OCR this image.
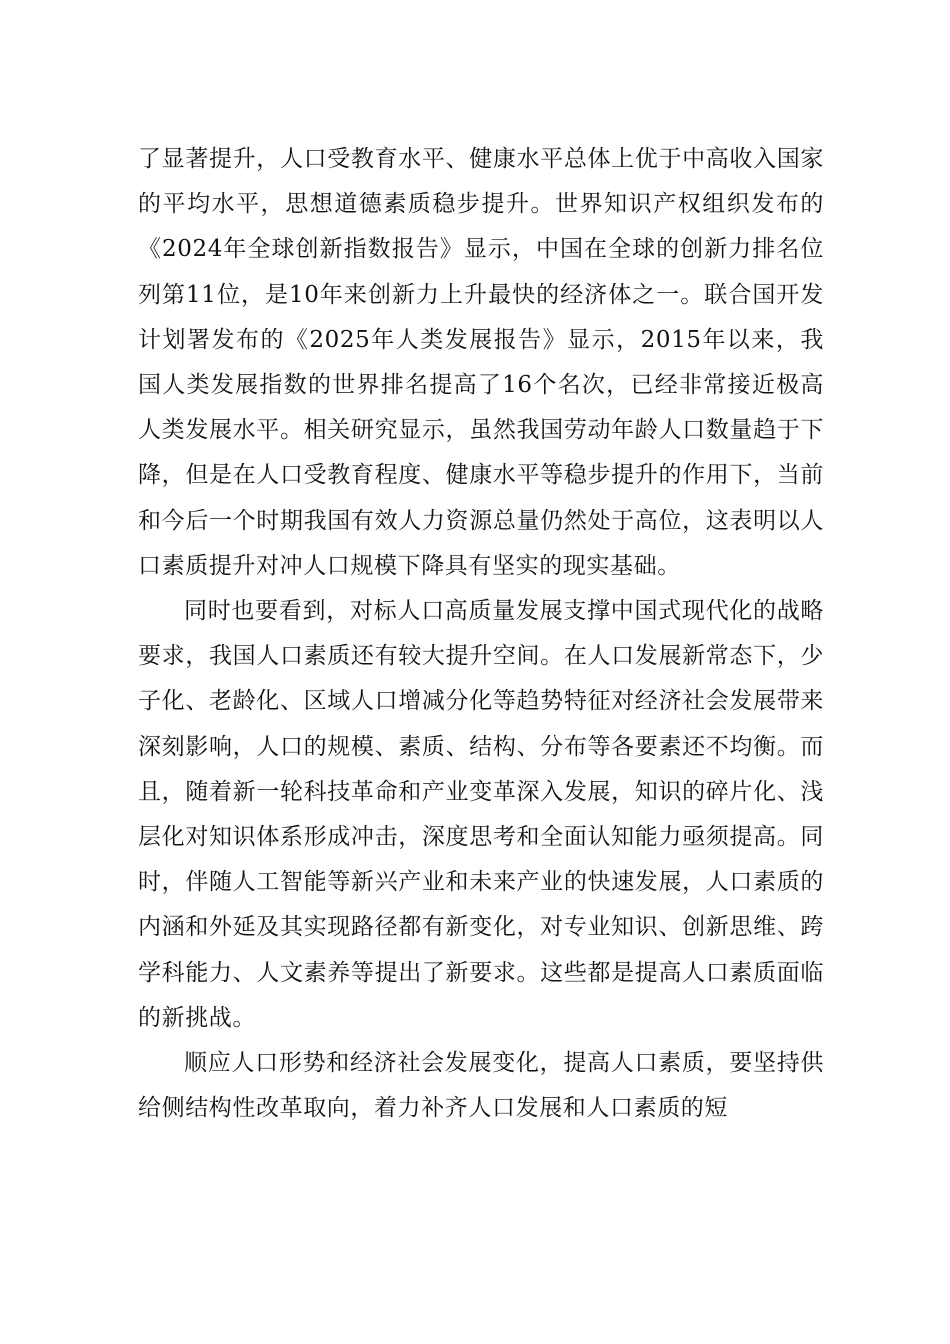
了显著提升，人口受教育水平、健康水平总体上优于中高收入国家的平均水平，思想道德素质稳步提升。世界知识产权组织发布的《2024年全球创新指数报告》显示，中国在全球的创新力排名位列第11位，是10年来创新力上升最快的经济体之一。联合国开发计划署发布的《2025年人类发展报告》显示，2015年以来，我国人类发展指数的世界排名提高了16个名次，已经非常接近极高人类发展水平。相关研究显示，虽然我国劳动年龄人口数量趋于下降，但是在人口受教育程度、健康水平等稳步提升的作用下，当前和今后一个时期我国有效人力资源总量仍然处于高位，这表明以人口素质提升对冲人口规模下降具有坚实的现实基础。

同时也要看到，对标人口高质量发展支撑中国式现代化的战略要求，我国人口素质还有较大提升空间。在人口发展新常态下，少子化、老龄化、区域人口增减分化等趋势特征对经济社会发展带来深刻影响，人口的规模、素质、结构、分布等各要素还不均衡。而且，随着新一轮科技革命和产业变革深入发展，知识的碎片化、浅层化对知识体系形成冲击，深度思考和全面认知能力亟须提高。同时，伴随人工智能等新兴产业和未来产业的快速发展，人口素质的内涵和外延及其实现路径都有新变化，对专业知识、创新思维、跨学科能力、人文素养等提出了新要求。这些都是提高人口素质面临的新挑战。

顺应人口形势和经济社会发展变化，提高人口素质，要坚持供给侧结构性改革取向，着力补齐人口发展和人口素质的短
